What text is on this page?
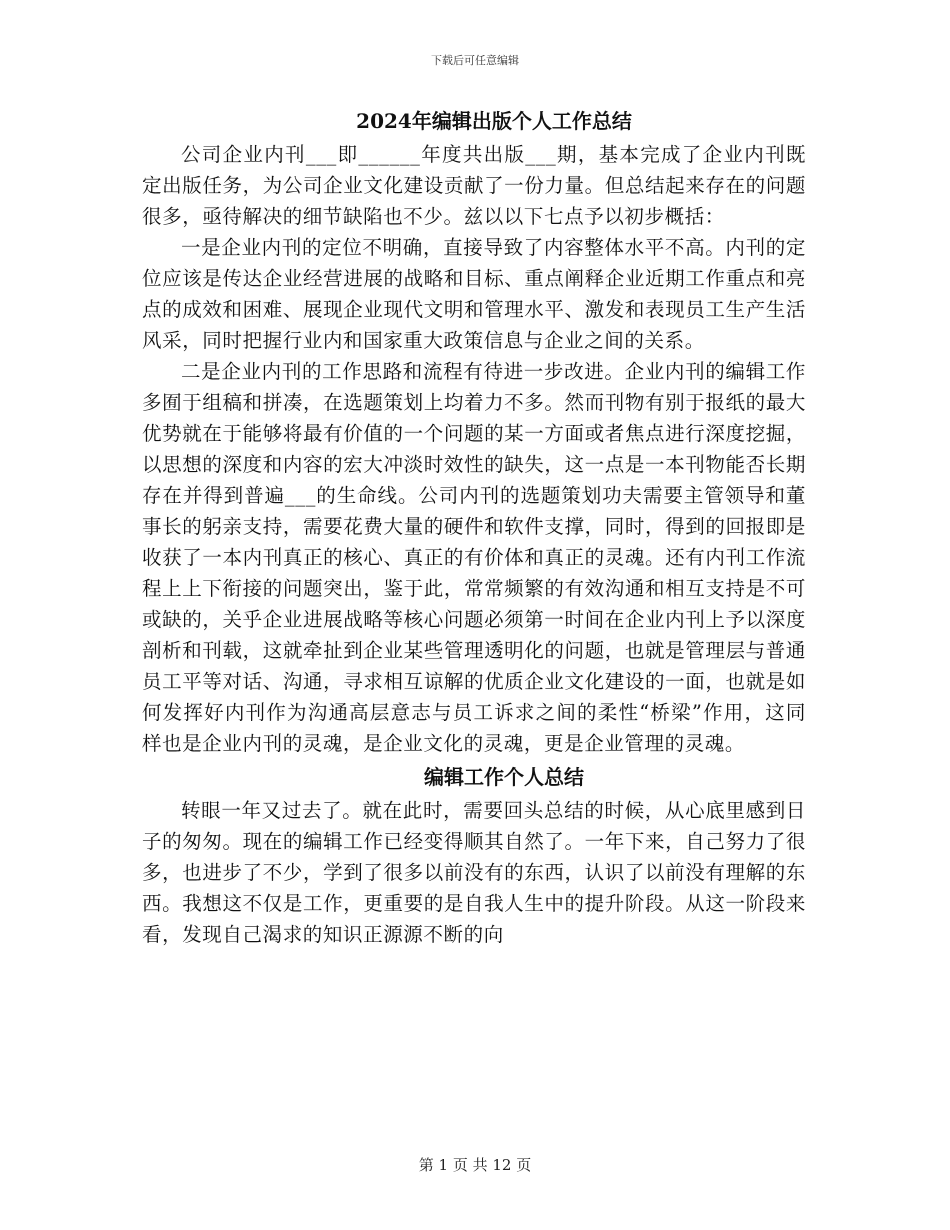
下载后可任意编辑
2024年编辑出版个人工作总结

公司企业内刊___即______年度共出版___期，基本完成了企业内刊既定出版任务，为公司企业文化建设贡献了一份力量。但总结起来存在的问题很多，亟待解决的细节缺陷也不少。兹以以下七点予以初步概括：

一是企业内刊的定位不明确，直接导致了内容整体水平不高。内刊的定位应该是传达企业经营进展的战略和目标、重点阐释企业近期工作重点和亮点的成效和困难、展现企业现代文明和管理水平、激发和表现员工生产生活风采，同时把握行业内和国家重大政策信息与企业之间的关系。

二是企业内刊的工作思路和流程有待进一步改进。企业内刊的编辑工作多囿于组稿和拼凑，在选题策划上均着力不多。然而刊物有别于报纸的最大优势就在于能够将最有价值的一个问题的某一方面或者焦点进行深度挖掘，以思想的深度和内容的宏大冲淡时效性的缺失，这一点是一本刊物能否长期存在并得到普遍___的生命线。公司内刊的选题策划功夫需要主管领导和董事长的躬亲支持，需要花费大量的硬件和软件支撑，同时，得到的回报即是收获了一本内刊真正的核心、真正的有价体和真正的灵魂。还有内刊工作流程上上下衔接的问题突出，鉴于此，常常频繁的有效沟通和相互支持是不可或缺的，关乎企业进展战略等核心问题必须第一时间在企业内刊上予以深度剖析和刊载，这就牵扯到企业某些管理透明化的问题，也就是管理层与普通员工平等对话、沟通，寻求相互谅解的优质企业文化建设的一面，也就是如何发挥好内刊作为沟通高层意志与员工诉求之间的柔性“桥梁”作用，这同样也是企业内刊的灵魂，是企业文化的灵魂，更是企业管理的灵魂。

编辑工作个人总结

转眼一年又过去了。就在此时，需要回头总结的时候，从心底里感到日子的匆匆。现在的编辑工作已经变得顺其自然了。一年下来，自己努力了很多，也进步了不少，学到了很多以前没有的东西，认识了以前没有理解的东西。我想这不仅是工作，更重要的是自我人生中的提升阶段。从这一阶段来看，发现自己渴求的知识正源源不断的向

第 1 页 共 12 页
